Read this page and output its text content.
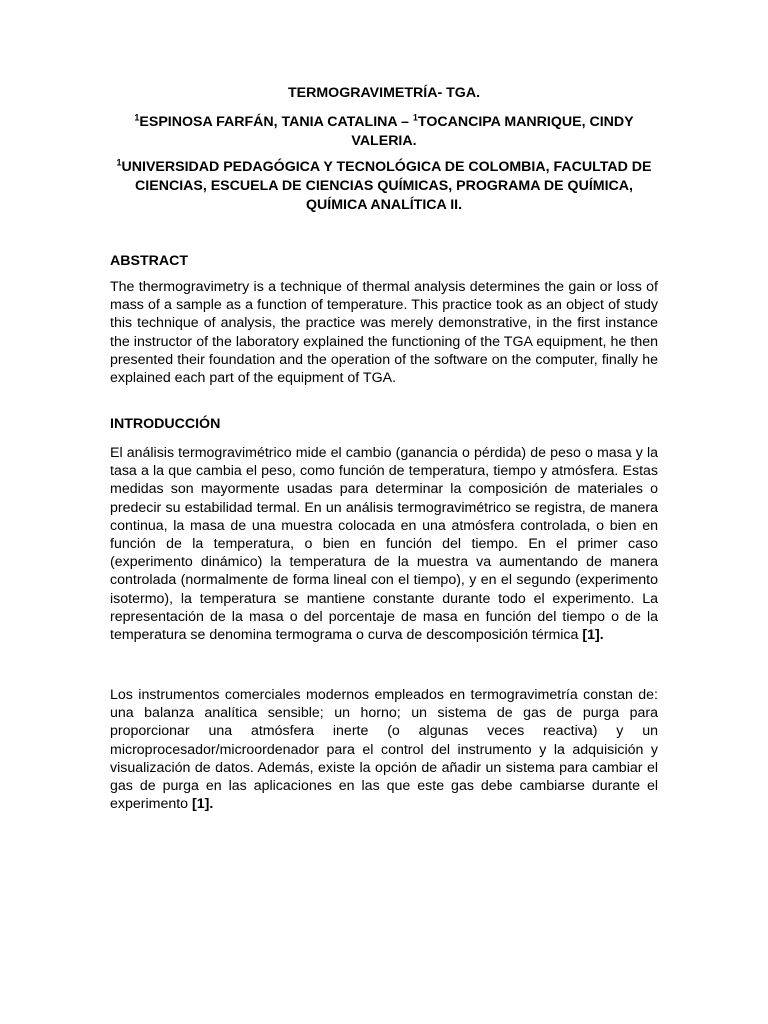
TERMOGRAVIMETRÍA- TGA.
$^1$ESPINOSA FARFÁN, TANIA CATALINA – $^1$TOCANCIPA MANRIQUE, CINDY VALERIA.
$^1$UNIVERSIDAD PEDAGÓGICA Y TECNOLÓGICA DE COLOMBIA, FACULTAD DE CIENCIAS, ESCUELA DE CIENCIAS QUÍMICAS, PROGRAMA DE QUÍMICA, QUÍMICA ANALÍTICA II.
ABSTRACT
The thermogravimetry is a technique of thermal analysis determines the gain or loss of mass of a sample as a function of temperature. This practice took as an object of study this technique of analysis, the practice was merely demonstrative, in the first instance the instructor of the laboratory explained the functioning of the TGA equipment, he then presented their foundation and the operation of the software on the computer, finally he explained each part of the equipment of TGA.
INTRODUCCIÓN
El análisis termogravimétrico mide el cambio (ganancia o pérdida) de peso o masa y la tasa a la que cambia el peso, como función de temperatura, tiempo y atmósfera. Estas medidas son mayormente usadas para determinar la composición de materiales o predecir su estabilidad termal. En un análisis termogravimétrico se registra, de manera continua, la masa de una muestra colocada en una atmósfera controlada, o bien en función de la temperatura, o bien en función del tiempo. En el primer caso (experimento dinámico) la temperatura de la muestra va aumentando de manera controlada (normalmente de forma lineal con el tiempo), y en el segundo (experimento isotermo), la temperatura se mantiene constante durante todo el experimento. La representación de la masa o del porcentaje de masa en función del tiempo o de la temperatura se denomina termograma o curva de descomposición térmica [1].
Los instrumentos comerciales modernos empleados en termogravimetría constan de: una balanza analítica sensible; un horno; un sistema de gas de purga para proporcionar una atmósfera inerte (o algunas veces reactiva) y un microprocesador/microordenador para el control del instrumento y la adquisición y visualización de datos. Además, existe la opción de añadir un sistema para cambiar el gas de purga en las aplicaciones en las que este gas debe cambiarse durante el experimento [1].
